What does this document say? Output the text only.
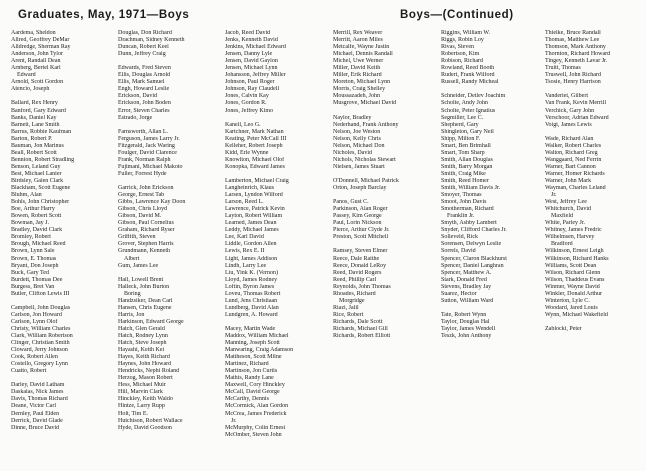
Graduates, May, 1971—Boys	Boys—(Continued)
Aardema, Sheldon
Allred, Geoffrey DeMar
Alldredge, Sherman Ray
Anderson, John Tylor
Arent, Randall Dean
Arnberg, Bertel Karl
Edward
Arnold, Scott Gordon
Atencio, Joseph
Ballard, Rex Henry
Banford, Gary Edward
Banks, Daniel Kay
Barnett, Lane Smith
Barrus, Robbie Kaufman
Barton, Robert P.
Bauman, Jon Marinus
Beall, Robert Scott
Bennion, Robert Stradling
Benson, Leland Guy
Best, Michael Lanier
Birdsley, Galen Clark
Blackham, Scott Eugene
Bluhm, Alan
Bohls, John Christopher
Boe, Arthur Harry
Bowen, Robert Scott
Bowman, Jay J.
Bradley, David Clark
Bromley, Robert
Brough, Michael Reed
Brown, Lynn Sale
Brown, E. Thomas
Bryant, Don Joseph
Buck, Gary Ted
Burdett, Thomas Dee
Burgess, Bret Van
Butler, Clifton Lewis III
Campbell, John Douglas
Carlson, Jon Howard
Carlson, Lynn Olof
Christy, William Charles
Clark, William Robertson
Clinger, Christian Smith
Cloward, Jerry Johnson
Cook, Robert Allen
Costello, Gregory Lynn
Cuatto, Robert
Darley, David Latham
Daskalas, Nick James
Davis, Thomas Richard
Deane, Victor Carl
Dernley, Paul Elden
Derrick, David Glade
Dinne, Bruce David
Douglas, Don Richard
Drachman, Sidney Kenneth
Duncan, Robert Keel
Dunn, Jeffrey Craig
Edwards, Fred Steven
Ellis, Douglas Arnold
Ellis, Mark Samuel
Engh, Howard Leslie
Erickson, David
Erickson, John Boden
Error, Steven Charles
Estrado, Jorge
Farnsworth, Allan L.
Ferguson, James Larry Jr.
Fitzgerald, Jack Waring
Foulger, David Clarence
Frank, Norman Ralph
Fujimani, Michael Makoto
Fuller, Forrest Hyde
Garrick, John Erickson
George, Ernest Tab
Gibbs, Lawrence Kay Doon
Gibson, Chris Lloyd
Gibson, David M.
Gibson, Paul Cornelius
Graham, Richard Ryser
Griffith, Steven
Grover, Stephen Harris
Grundmann, Kenneth
Albert
Gum, James Lee
Hall, Lowell Brent
Halleck, John Burton
Boring
Handzsiker, Dean Carl
Hansen, Chris Eugene
Harris, Jon
Harkinson, Edward George
Hatch, Glen Gerald
Hatch, Rodney Lynn
Hatch, Steve Joseph
Hayashi, Keith Kei
Hayes, Keith Richard
Haynes, John Howard
Hendricks, Nephi Roland
Herzog, Mason Robert
Hess, Michael Muir
Hill, Marvin Clark
Hinckley, Keith Waldo
Hintze, Larry Rupp
Holt, Tim E.
Hutchison, Robert Wallace
Hyde, David Goodson
Jacob, Reed David
Jenks, Kenneth David
Jenkins, Michael Edward
Jensen, Danny Lyle
Jensen, David Gaylon
Jensen, Michael Lynn
Johansson, Jeffrey Miller
Johnson, Paul Roger
Johnson, Ray Claudell
Jones, Calvin Kay
Jones, Gordon R.
Jones, Jeffrey Kimo
Kanell, Leo G.
Kartchner, Mark Nathan
Keating, Peter McCall III
Kelleher, Robert Joseph
Kidd, Erle Wynne
Knowlton, Michael Olof
Konopka, Edward James
Lamberton, Michael Craig
Langheinrich, Klaus
Larsen, Lyndon Wilford
Larson, Reed L.
Lawrence, Patrick Kevin
Layton, Robert William
Learned, James Dean
Leddy, Michael James
Lee, Karl David
Liddle, Gordon Allen
Lewis, Rex E. II
Light, James Addison
Lindh, Larry Lee
Liu, Yink K. (Vernon)
Lloyd, James Rodney
Loftin, Byron James
Loveu, Thomas Robert
Lund, Jens Christiaan
Lundberg, David Alan
Lundgren, A. Howard
Macey, Martin Wade
Maddox, William Michael
Manning, Joseph Scott
Manwaring, Craig Adamson
Mattheson, Scott Milne
Martinez, Richard
Martinson, Jon Curtis
Mathis, Randy Lane
Maxwell, Cory Hinckley
McCall, David George
McCarthy, Dennis
McCormick, Alan Gordon
McCrea, James Frederick
Jr.
McMurphy, Colin Ernest
McOmber, Steven John
Merrill, Rex Weaver
Merritt, Aaron Miles
Metcalfe, Wayne Justin
Michael, Dennis Randall
Michel, Uwe Werner
Miller, David Keith
Miller, Erik Richard
Moreton, Michael Lynn
Morris, Craig Shelley
Moussazadeh, John
Musgrove, Michael David
Naylor, Bradley
Nederhand, Frank Anthony
Nelson, Joe Weston
Nelson, Kelly Chris
Nelson, Michael Don
Nicholes, David
Nichols, Nicholas Stewart
Nielsen, James Stuart
O'Donnell, Michael Patrick
Orton, Joseph Barclay
Panos, Gust C.
Parkinson, Alan Roger
Passey, Kim George
Paul, Lorin Nickson
Pierce, Arthur Clyde Jr.
Preston, Scott Mitchell
Ramsey, Steven Elmer
Reece, Dale Raithe
Reece, Donald LeRoy
Reed, David Rogers
Reed, Phillip Carl
Reynolds, John Thomas
Rhoades, Richard
Morgridge
Riazi, Jalil
Rice, Robert
Richards, Dale Scott
Richards, Michael Gill
Richards, Robert Elliott
Riggins, William W.
Riggs, Robin Loy
Rivas, Steven
Robertson, Kim
Robison, Richard
Rowland, Reed Booth
Rudert, Frank Wilford
Russell, Randy Micheal
Schneider, Detlev Joachim
Scholte, Andy John
Scholte, Peter Ignatius
Segmiller, Lee C.
Shepherd, Gary
Shingleton, Gary Neil
Shipp, Milton F.
Smart, Ben Brimhall
Smart, Tom Sharp
Smith, Allan Douglas
Smith, Barry Morgan
Smith, Craig Mike
Smith, Reed Homer
Smith, William Davis Jr.
Smoyer, Thomas
Smoot, John Davis
Smotherman, Richard
Franklin Jr.
Smyth, Ashby Lambert
Snyder, Clifford Charles Jr.
Solleveld, Rick
Sorensen, Delwyn Leslie
Sorrels, David
Spencer, Claron Blackhurst
Spencer, Daniel Langhran
Spencer, Matthew A.
Stark, Donald Fred
Stevens, Bradley Jay
Suarez, Hector
Sutton, William Ward
Tate, Robert Wynn
Taylor, Douglas Hal
Taylor, James Wendell
Teszk, John Anthony
Thielke, Bruce Randall
Thomas, Matthew Lee
Thomson, Mark Anthony
Thornton, Richard Howard
Tingey, Kenneth Lavar Jr.
Truitt, Thomas
Truswell, John Richard
Tsosie, Henry Harrison
Vanderiet, Gilbert
Van Frank, Kevin Merrill
Verchick, Gary John
Verschoor, Adrian Edward
Voigt, James Lewis
Wade, Richard Alan
Walker, Robert Charles
Walton, Richard Greg
Wanggaard, Ned Ferrin
Warner, Bart Cannon
Warner, Homer Richards
Warner, John Mark
Wayman, Charles Leland
Jr.
West, Jeffrey Lee
Whitchurch, David
Maxfield
White, Parley Jr.
Whitney, James Fredric
Wilhelmsen, Harvey
Bradford
Wilkinson, Ernest Leigh
Wilkinson, Richard Hanks
Williams, Scott Dean
Wilson, Richard Glenn
Wilson, Thaddeus Evans
Winmer, Wayne David
Winkler, Donald Arthur
Winterton, Lyle C.
Woodard, Jared Louis
Wynn, Michael Wakefield
Zablocki, Peter
